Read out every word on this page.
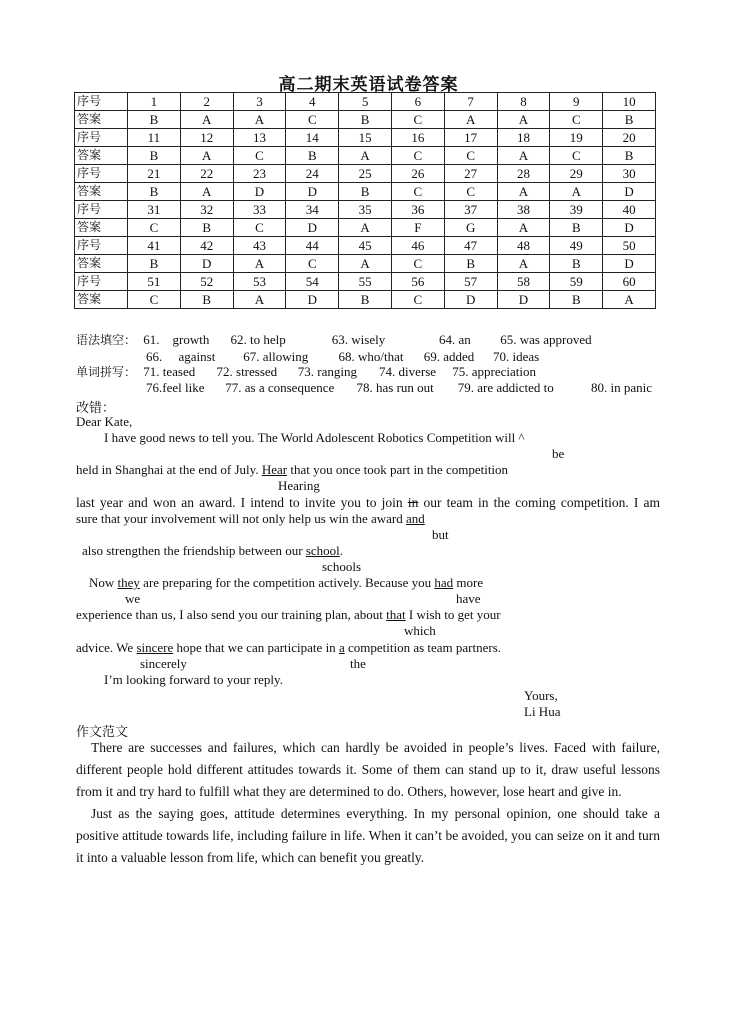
高二期末英语试卷答案
序号	1	2	3	4	5	6	7	8	9	10
答案	B	A	A	C	B	C	A	A	C	B
序号	11	12	13	14	15	16	17	18	19	20
答案	B	A	C	B	A	C	C	A	C	B
序号	21	22	23	24	25	26	27	28	29	30
答案	B	A	D	D	B	C	C	A	A	D
序号	31	32	33	34	35	36	37	38	39	40
答案	C	B	C	D	A	F	G	A	B	D
序号	41	42	43	44	45	46	47	48	49	50
答案	B	D	A	C	A	C	B	A	B	D
序号	51	52	53	54	55	56	57	58	59	60
答案	C	B	A	D	B	C	D	D	B	A
语法填空： 61.　growth 62. to help	63. wisely	64. an 65. was approved
66.　 against 67. allowing 68. who/that 69. added 70. ideas
单词拼写： 71. teased 72. stressed 73. ranging 74. diverse 75. appreciation
76.feel like 77. as a consequence 78. has run out 79. are addicted to	80. in panic
改错：
Dear Kate,
I have good news to tell you. The World Adolescent Robotics Competition will ^
be
held in Shanghai at the end of July. Hear that you once took part in the competition
Hearing
last year and won an award. I intend to invite you to join in our team in the coming competition. I am
sure that your involvement will not only help us win the award and
but
also strengthen the friendship between our school.
schools
Now they are preparing for the competition actively. Because you had more
we	have
experience than us, I also send you our training plan, about that I wish to get your
which
advice. We sincere hope that we can participate in a competition as team partners.
sincerely	the
I’m looking forward to your reply.
Yours,
Li Hua
作文范文

There are successes and failures, which can hardly be avoided in people’s lives. Faced with failure, different people hold different attitudes towards it. Some of them can stand up to it, draw useful lessons from it and try hard to fulfill what they are determined to do. Others, however, lose heart and give in.

Just as the saying goes, attitude determines everything. In my personal opinion, one should take a positive attitude towards life, including failure in life. When it can’t be avoided, you can seize on it and turn it into a valuable lesson from life, which can benefit you greatly.
